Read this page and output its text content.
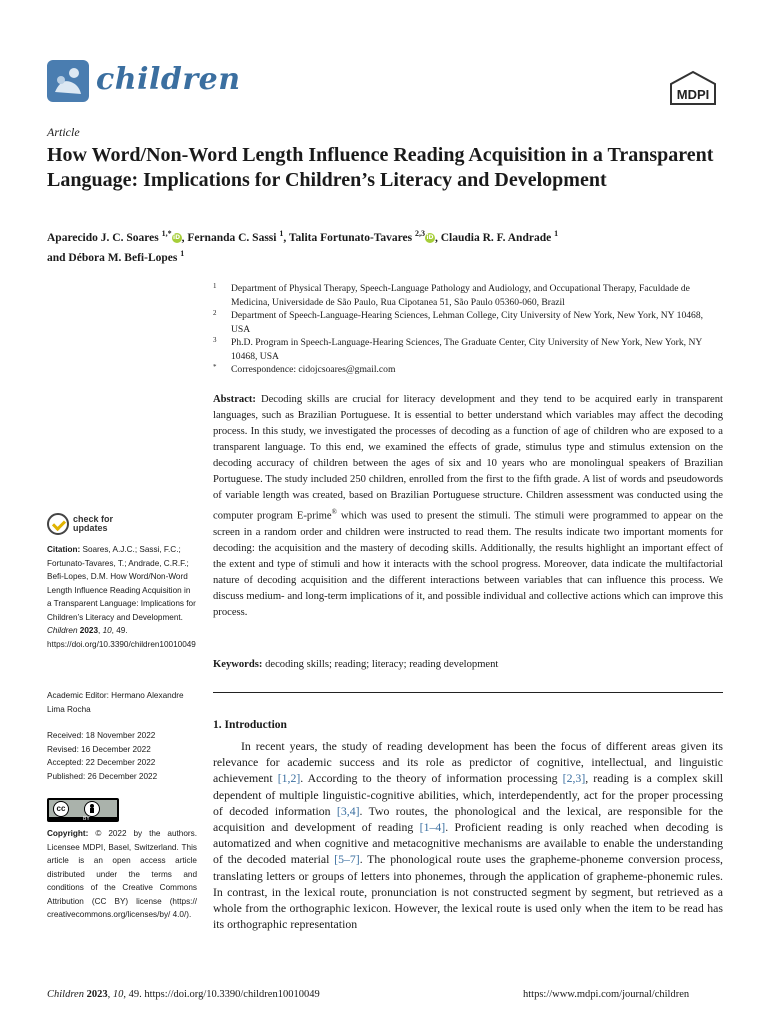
children	MDPI
Article
How Word/Non-Word Length Influence Reading Acquisition in a Transparent Language: Implications for Children’s Literacy and Development
Aparecido J. C. Soares $^{1,*}$iD, Fernanda C. Sassi $^1$, Talita Fortunato-Tavares $^{2,3}$iD, Claudia R. F. Andrade $^1$
and Débora M. Befi-Lopes $^1$
1 Department of Physical Therapy, Speech-Language Pathology and Audiology, and Occupational Therapy, Faculdade de Medicina, Universidade de São Paulo, Rua Cipotanea 51, São Paulo 05360-060, Brazil
2 Department of Speech-Language-Hearing Sciences, Lehman College, City University of New York, New York, NY 10468, USA
3 Ph.D. Program in Speech-Language-Hearing Sciences, The Graduate Center, City University of New York, New York, NY 10468, USA
* Correspondence: cidojcsoares@gmail.com
Abstract: Decoding skills are crucial for literacy development and they tend to be acquired early in transparent languages, such as Brazilian Portuguese. It is essential to better understand which variables may affect the decoding process. In this study, we investigated the processes of decoding as a function of age of children who are exposed to a transparent language. To this end, we examined the effects of grade, stimulus type and stimulus extension on the decoding accuracy of children between the ages of six and 10 years who are monolingual speakers of Brazilian Portuguese. The study included 250 children, enrolled from the first to the fifth grade. A list of words and pseudowords of variable length was created, based on Brazilian Portuguese structure. Children assessment was conducted using the computer program E-prime® which was used to present the stimuli. The stimuli were programmed to appear on the screen in a random order and children were instructed to read them. The results indicate two important moments for decoding: the acquisition and the mastery of decoding skills. Additionally, the results highlight an important effect of the extent and type of stimuli and how it interacts with the school progress. Moreover, data indicate the multifactorial nature of decoding acquisition and the different interactions between variables that can influence this process. We discuss medium- and long-term implications of it, and possible individual and collective actions which can improve this process.
Keywords: decoding skills; reading; literacy; reading development
1. Introduction

In recent years, the study of reading development has been the focus of different areas given its relevance for academic success and its role as predictor of cognitive, intellectual, and linguistic achievement [1,2]. According to the theory of information processing [2,3], reading is a complex skill dependent of multiple linguistic-cognitive abilities, which, interdependently, act for the proper processing of decoded information [3,4]. Two routes, the phonological and the lexical, are responsible for the acquisition and development of reading [1–4]. Proficient reading is only reached when decoding is automatized and when cognitive and metacognitive mechanisms are available to enable the understanding of the decoded material [5–7]. The phonological route uses the grapheme-phoneme conversion process, translating letters or groups of letters into phonemes, through the application of grapheme-phonemic rules. In contrast, in the lexical route, pronunciation is not constructed segment by segment, but retrieved as a whole from the orthographic lexicon. However, the lexical route is used only when the item to be read has its orthographic representation

check for
updates
Citation: Soares, A.J.C.; Sassi, F.C.; Fortunato-Tavares, T.; Andrade, C.R.F.; Befi-Lopes, D.M. How Word/Non-Word Length Influence Reading Acquisition in a Transparent Language: Implications for Children’s Literacy and Development. Children 2023, 10, 49. https://doi.org/10.3390/children10010049
Academic Editor: Hermano Alexandre Lima Rocha
Received: 18 November 2022
Revised: 16 December 2022
Accepted: 22 December 2022
Published: 26 December 2022
cc
BY
Copyright: © 2022 by the authors. Licensee MDPI, Basel, Switzerland. This article is an open access article distributed under the terms and conditions of the Creative Commons Attribution (CC BY) license (https:// creativecommons.org/licenses/by/ 4.0/).
Children 2023, 10, 49. https://doi.org/10.3390/children10010049	https://www.mdpi.com/journal/children
